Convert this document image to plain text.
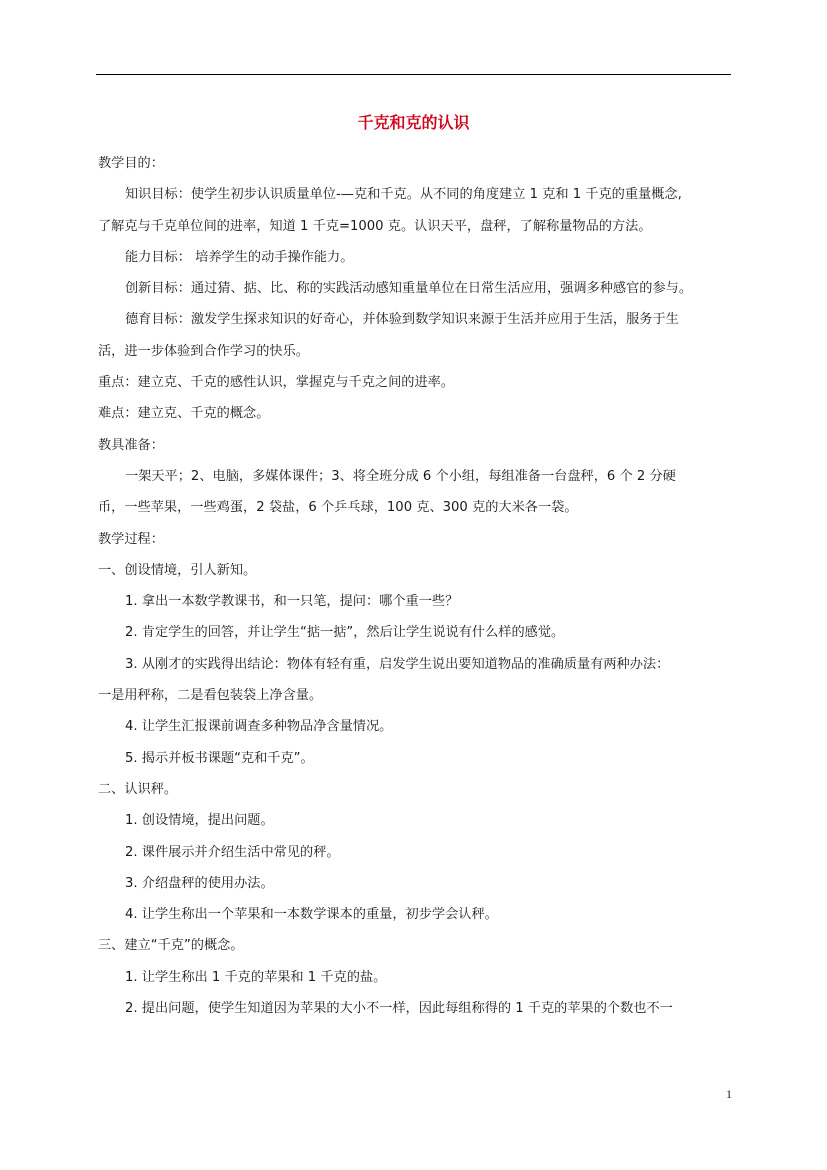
千克和克的认识
教学目的：
知识目标：使学生初步认识质量单位-—克和千克。从不同的角度建立 1 克和 1 千克的重量概念,
了解克与千克单位间的进率，知道 1 千克=1000 克。认识天平，盘秤，了解称量物品的方法。
能力目标： 培养学生的动手操作能力。
创新目标：通过猜、掂、比、称的实践活动感知重量单位在日常生活应用，强调多种感官的参与。
德育目标：激发学生探求知识的好奇心，并体验到数学知识来源于生活并应用于生活，服务于生
活，进一步体验到合作学习的快乐。
重点：建立克、千克的感性认识，掌握克与千克之间的进率。
难点：建立克、千克的概念。
教具准备：
一架天平；2、电脑，多媒体课件；3、将全班分成 6 个小组，每组准备一台盘秤，6 个 2 分硬
币，一些苹果，一些鸡蛋，2 袋盐，6 个乒乓球，100 克、300 克的大米各一袋。
教学过程：
一、创设情境，引人新知。
1. 拿出一本数学教课书，和一只笔，提问：哪个重一些？
2. 肯定学生的回答，并让学生“掂一掂”，然后让学生说说有什么样的感觉。
3. 从刚才的实践得出结论：物体有轻有重，启发学生说出要知道物品的准确质量有两种办法：
一是用秤称，二是看包装袋上净含量。
4. 让学生汇报课前调查多种物品净含量情况。
5. 揭示并板书课题“克和千克”。
二、认识秤。
1. 创设情境，提出问题。
2. 课件展示并介绍生活中常见的秤。
3. 介绍盘秤的使用办法。
4. 让学生称出一个苹果和一本数学课本的重量，初步学会认秤。
三、建立“千克”的概念。
1. 让学生称出 1 千克的苹果和 1 千克的盐。
2. 提出问题，使学生知道因为苹果的大小不一样，因此每组称得的 1 千克的苹果的个数也不一
1
